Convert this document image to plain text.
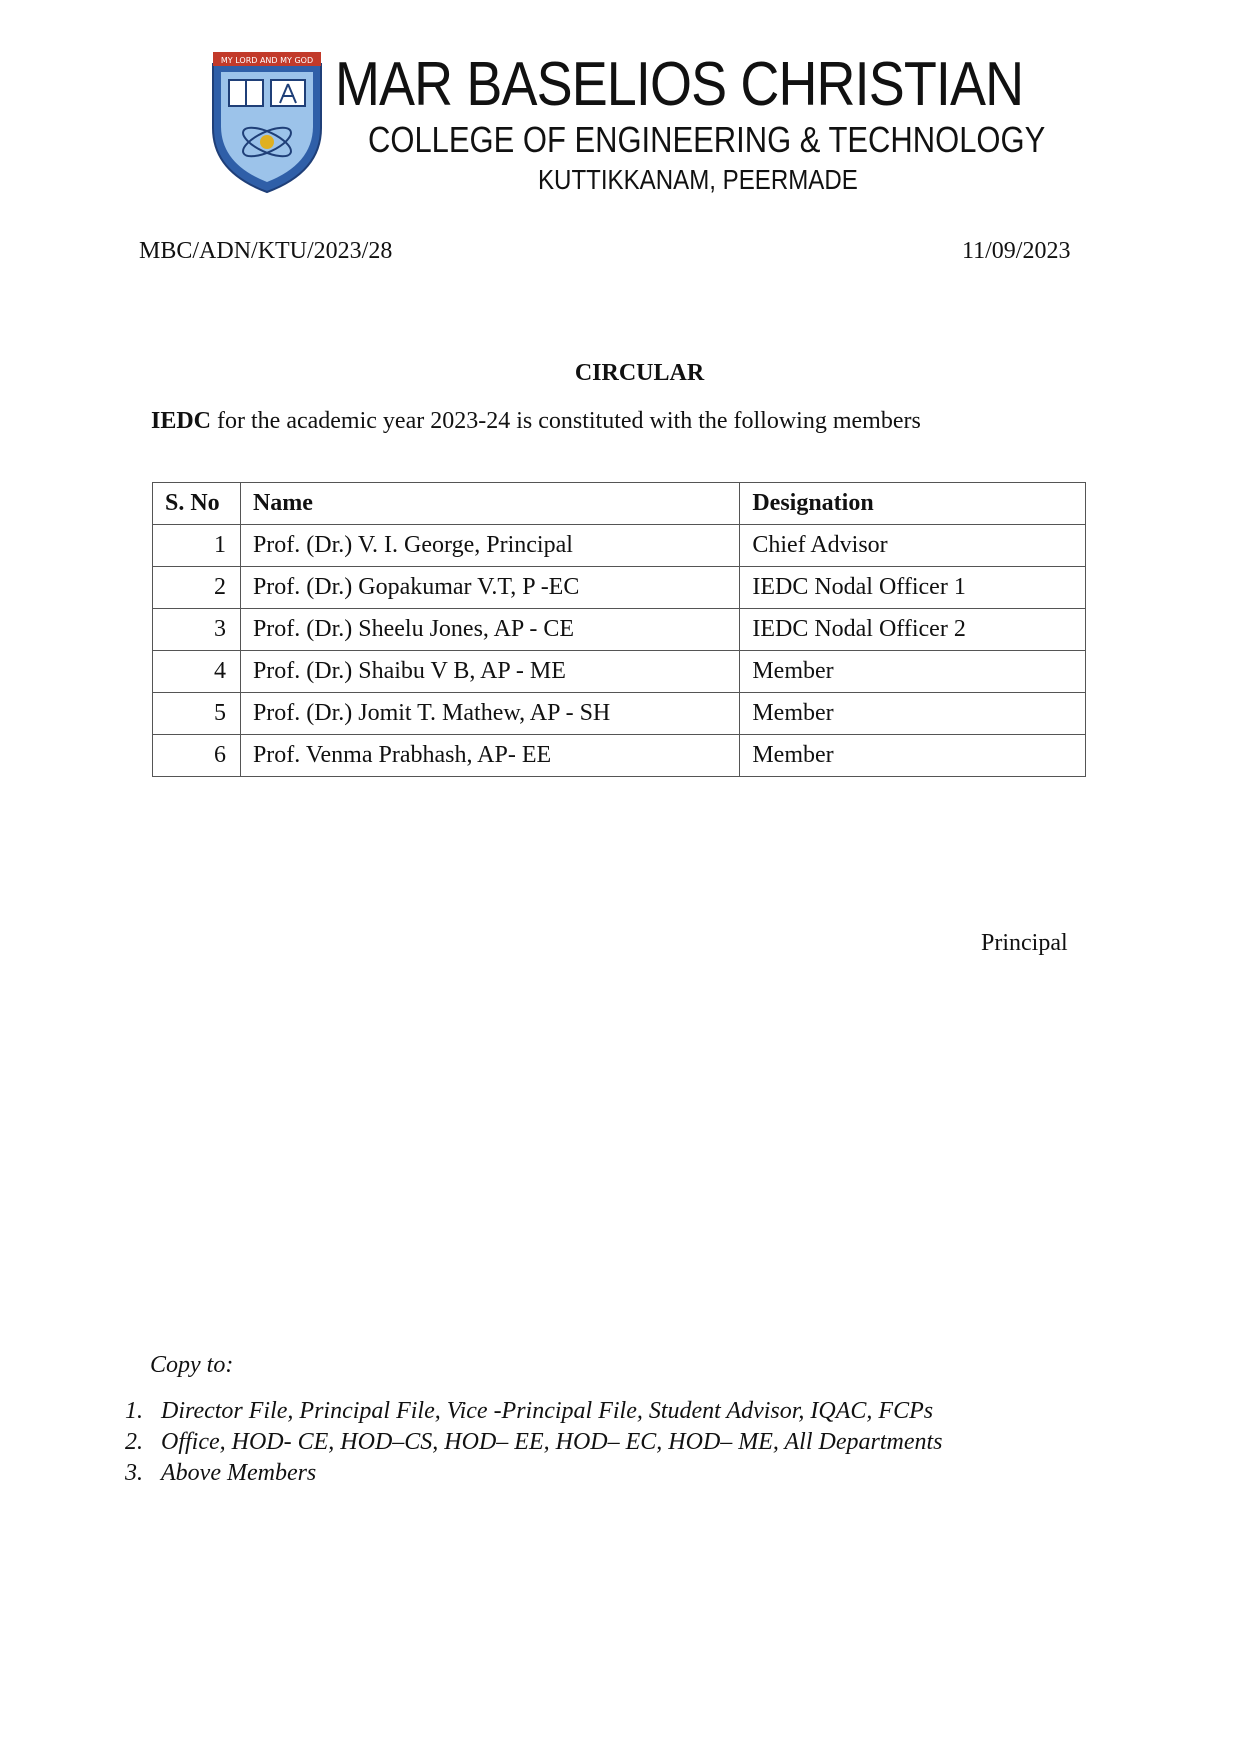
MY LORD AND MY GOD MAR BASELIOS CHRISTIAN
COLLEGE OF ENGINEERING & TECHNOLOGY
KUTTIKKANAM, PEERMADE
MBC/ADN/KTU/2023/28	11/09/2023
CIRCULAR
IEDC for the academic year 2023-24 is constituted with the following members
S. No	Name	Designation
1	Prof. (Dr.) V. I. George, Principal	Chief Advisor
2	Prof. (Dr.) Gopakumar V.T, P -EC	IEDC Nodal Officer 1
3	Prof. (Dr.) Sheelu Jones, AP - CE	IEDC Nodal Officer 2
4	Prof. (Dr.) Shaibu V B, AP - ME	Member
5	Prof. (Dr.) Jomit T. Mathew, AP - SH	Member
6	Prof. Venma Prabhash, AP- EE	Member
Principal
Copy to:
1. Director File, Principal File, Vice -Principal File, Student Advisor, IQAC, FCPs
2. Office, HOD- CE, HOD–CS, HOD– EE, HOD– EC, HOD– ME, All Departments
3. Above Members
